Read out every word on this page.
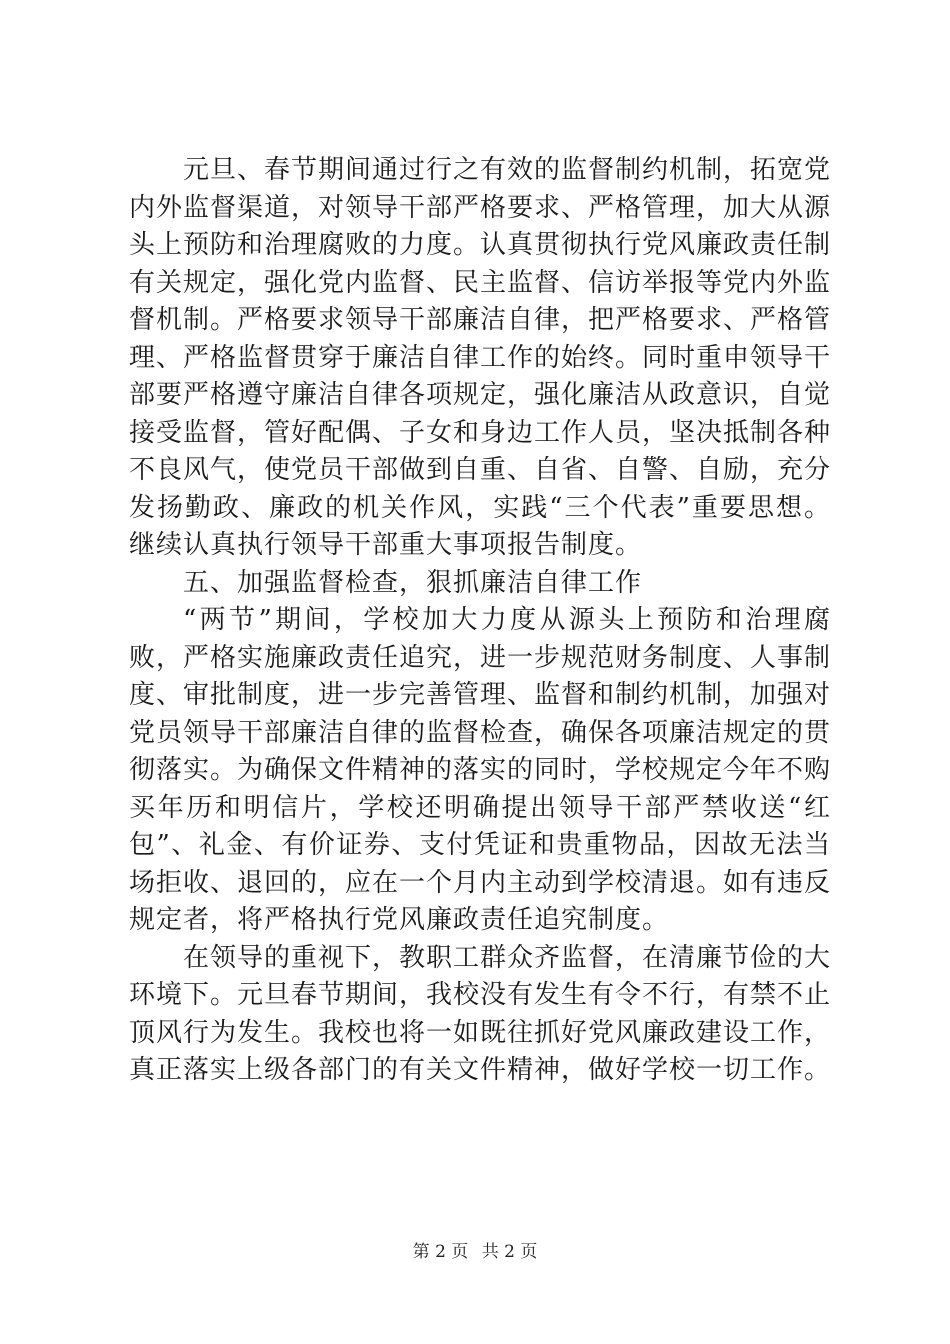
元旦、春节期间通过行之有效的监督制约机制，拓宽党内外监督渠道，对领导干部严格要求、严格管理，加大从源头上预防和治理腐败的力度。认真贯彻执行党风廉政责任制有关规定，强化党内监督、民主监督、信访举报等党内外监督机制。严格要求领导干部廉洁自律，把严格要求、严格管理、严格监督贯穿于廉洁自律工作的始终。同时重申领导干部要严格遵守廉洁自律各项规定，强化廉洁从政意识，自觉接受监督，管好配偶、子女和身边工作人员，坚决抵制各种不良风气，使党员干部做到自重、自省、自警、自励，充分发扬勤政、廉政的机关作风，实践“三个代表”重要思想。继续认真执行领导干部重大事项报告制度。

五、加强监督检查，狠抓廉洁自律工作

“两节”期间，学校加大力度从源头上预防和治理腐败，严格实施廉政责任追究，进一步规范财务制度、人事制度、审批制度，进一步完善管理、监督和制约机制，加强对党员领导干部廉洁自律的监督检查，确保各项廉洁规定的贯彻落实。为确保文件精神的落实的同时，学校规定今年不购买年历和明信片，学校还明确提出领导干部严禁收送“红包”、礼金、有价证券、支付凭证和贵重物品，因故无法当场拒收、退回的，应在一个月内主动到学校清退。如有违反规定者，将严格执行党风廉政责任追究制度。

在领导的重视下，教职工群众齐监督，在清廉节俭的大环境下。元旦春节期间，我校没有发生有令不行，有禁不止顶风行为发生。我校也将一如既往抓好党风廉政建设工作，真正落实上级各部门的有关文件精神，做好学校一切工作。

第 2 页 共 2 页
